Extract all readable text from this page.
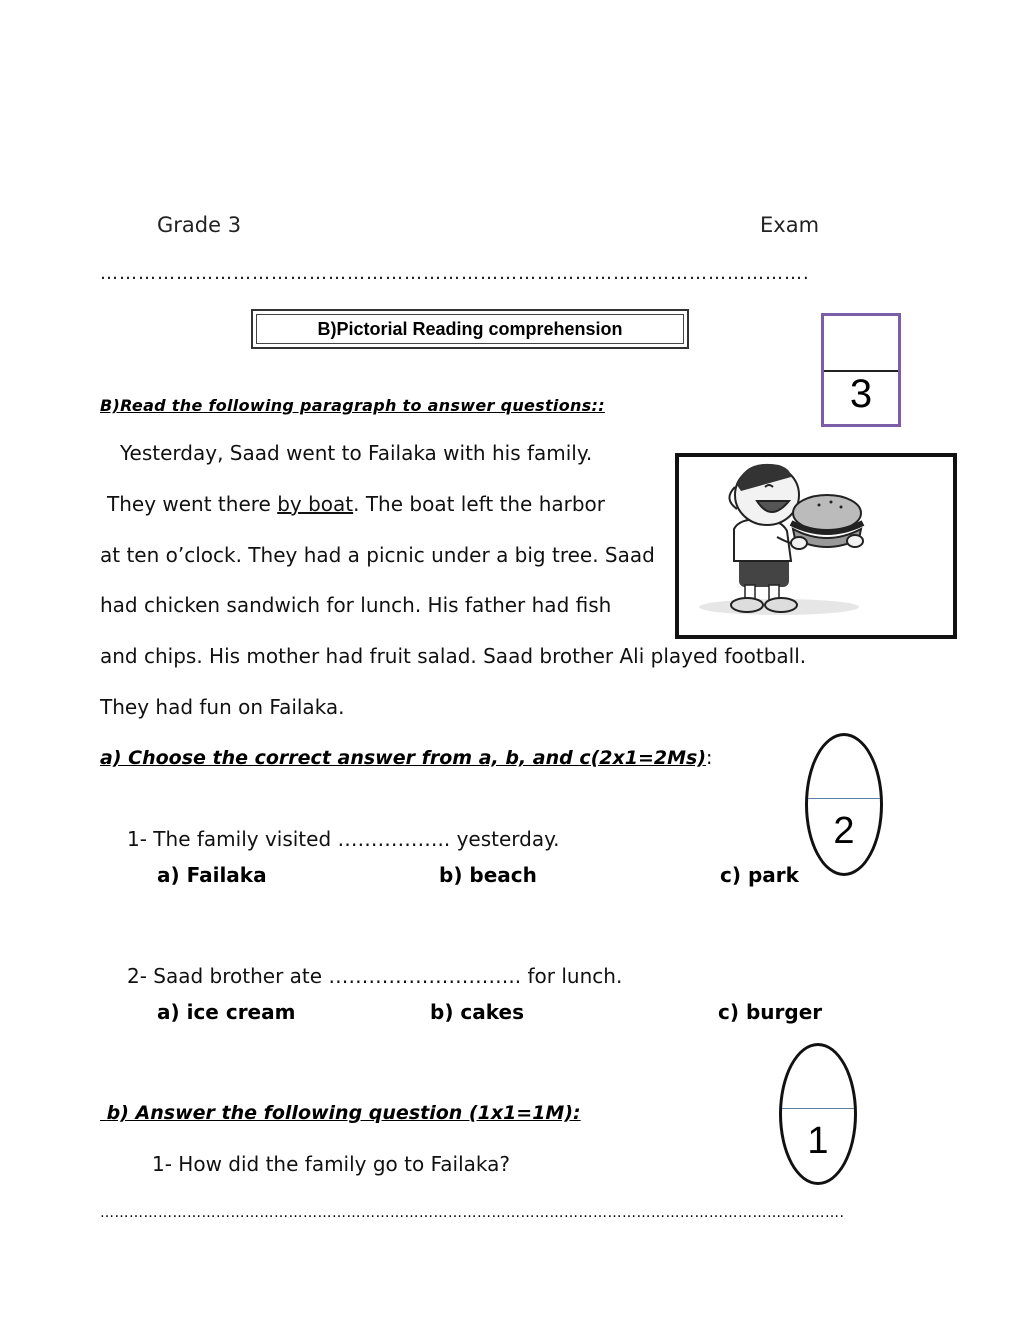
Grade 3	Exam
………………………………………………………………………………………………….
B)Pictorial Reading comprehension
3
B)Read the following paragraph to answer questions::
Yesterday, Saad went to Failaka with his family.
They went there by boat. The boat left the harbor
at ten o’clock. They had a picnic under a big tree. Saad
had chicken sandwich for lunch. His father had fish
and chips. His mother had fruit salad. Saad brother Ali played football.
They had fun on Failaka.
a) Choose the correct answer from a, b, and c(2x1=2Ms):
2
1- The family visited …………….. yesterday.
a) Failaka	b) beach	c) park
2- Saad brother ate ……………………….. for lunch.
a) ice cream	b) cakes	c) burger
b) Answer the following question (1x1=1M):
1
1- How did the family go to Failaka?
……………………………………………………………………………………………………………………………………….
